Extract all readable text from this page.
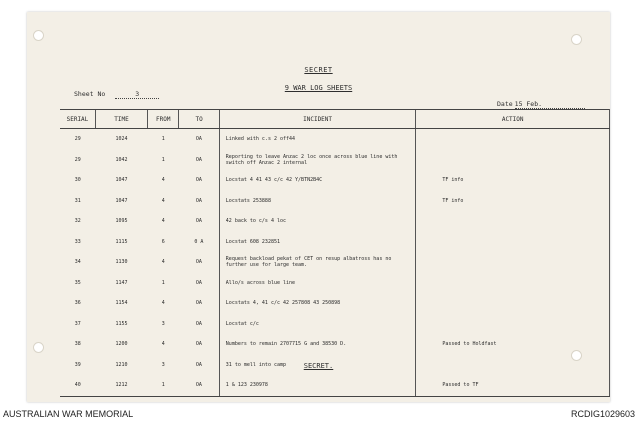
SECRET
9 WAR LOG SHEETS
Sheet No	3
Date 15 Feb.
SERIAL	TIME	FROM	TO	INCIDENT	ACTION
29	1024	1	OA	Linked with c.s 2 off44	
29	1042	1	OA	Reporting to leave Anzac 2 loc once across blue line with switch off Anzac 2 internal	
30	1047	4	OA	Locstat 4 41 43 c/c 42 Y/BTN2B4C	TF info
31	1047	4	OA	Locstats 253888	TF info
32	1095	4	OA	42 back to c/s 4 loc	
33	1115	6	0 A	Locstat 608 232851	
34	1130	4	OA	Request backload pekat of CET on resup albatross has no further use for large team.	
35	1147	1	OA	Allo/s across blue line	
36	1154	4	OA	Locstats 4, 41 c/c 42 257808 43 250898	
37	1155	3	OA	Locstat c/c	
38	1200	4	OA	Numbers to remain 2707715 G and 38530 D.	Passed to Holdfast
39	1210	3	OA	31 to mell into camp	
40	1212	1	OA	1 & 123 230978	Passed to TF
SECRET.
AUSTRALIAN WAR MEMORIAL	RCDIG1029603
